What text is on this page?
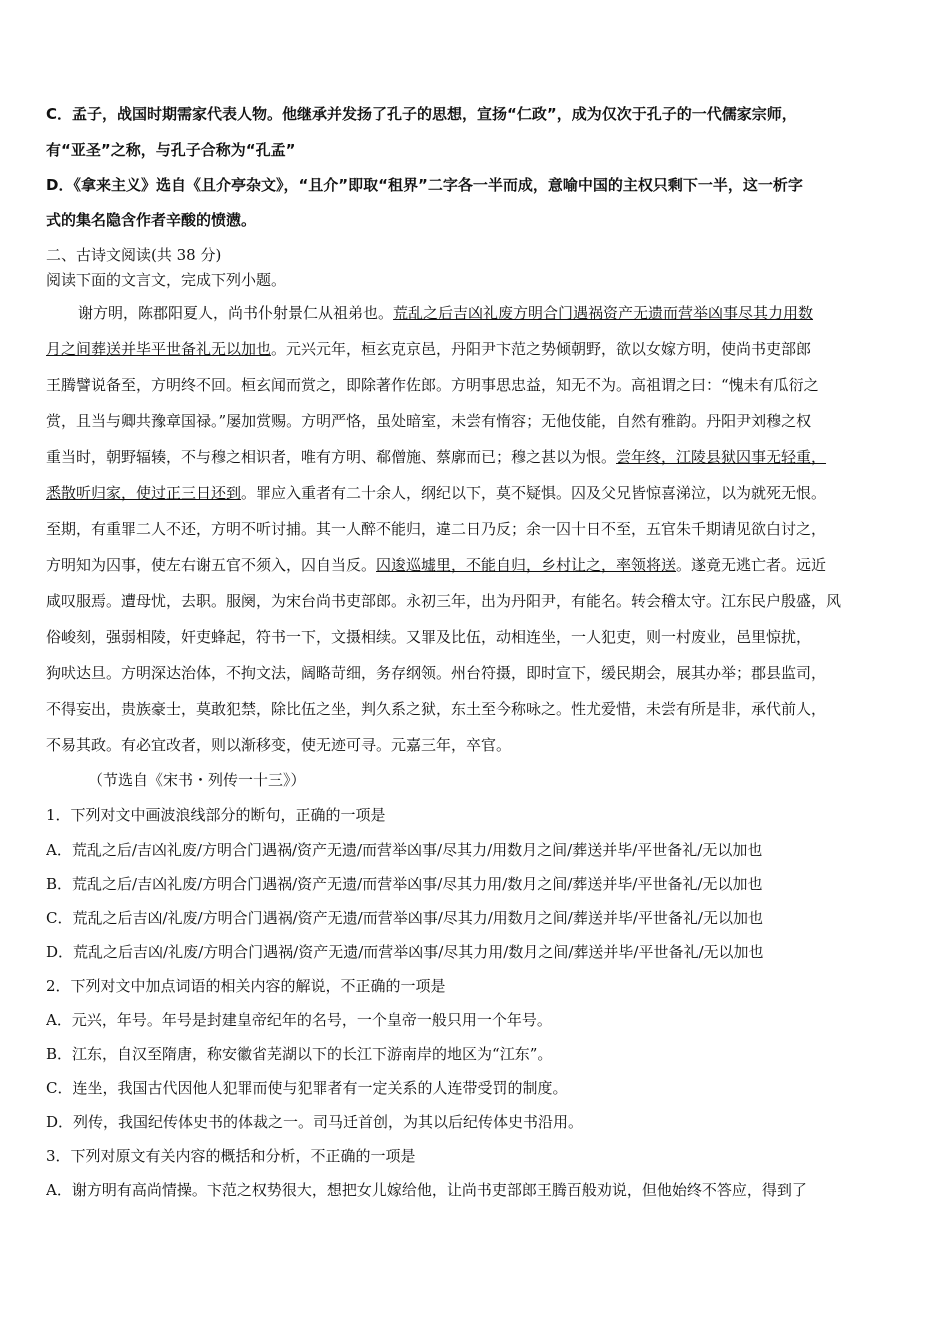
C．孟子，战国时期需家代表人物。他继承并发扬了孔子的思想，宣扬“仁政”，成为仅次于孔子的一代儒家宗师，
有“亚圣”之称，与孔子合称为“孔孟”
D．《拿来主义》选自《且介亭杂文》，“且介”即取“租界”二字各一半而成，意喻中国的主权只剩下一半，这一析字
式的集名隐含作者辛酸的愤懑。
二、古诗文阅读(共 38 分)
阅读下面的文言文，完成下列小题。
谢方明，陈郡阳夏人，尚书仆射景仁从祖弟也。荒乱之后吉凶礼废方明合门遇祸资产无遗而营举凶事尽其力用数
月之间葬送并毕平世备礼无以加也。元兴元年，桓玄克京邑，丹阳尹卞范之势倾朝野，欲以女嫁方明，使尚书吏部郎
王腾譬说备至，方明终不回。桓玄闻而赏之，即除著作佐郎。方明事思忠益，知无不为。高祖谓之曰：“愧未有瓜衍之
赏，且当与卿共豫章国禄。”屡加赏赐。方明严恪，虽处暗室，未尝有惰容；无他伎能，自然有雅韵。丹阳尹刘穆之权
重当时，朝野辐辏，不与穆之相识者，唯有方明、郗僧施、蔡廓而已；穆之甚以为恨。尝年终，江陵县狱囚事无轻重，
悉散听归家，使过正三日还到。罪应入重者有二十余人，纲纪以下，莫不疑惧。囚及父兄皆惊喜涕泣，以为就死无恨。
至期，有重罪二人不还，方明不听讨捕。其一人醉不能归，違二日乃反；余一囚十日不至，五官朱千期请见欲白讨之，
方明知为囚事，使左右谢五官不须入，囚自当反。囚逡巡墟里，不能自归，乡村让之，率领将送。遂竟无逃亡者。远近
咸叹服焉。遭母忧，去职。服阕，为宋台尚书吏部郎。永初三年，出为丹阳尹，有能名。转会稽太守。江东民户殷盛，风
俗峻刻，强弱相陵，奸吏蜂起，符书一下，文摄相续。又罪及比伍，动相连坐，一人犯吏，则一村废业，邑里惊扰，
狗吠达旦。方明深达治体，不拘文法，阔略苛细，务存纲领。州台符摄，即时宣下，缓民期会，展其办举；郡县监司，
不得妄出，贵族豪士，莫敢犯禁，除比伍之坐，判久系之狱，东土至今称咏之。性尤爱惜，未尝有所是非，承代前人，
不易其政。有必宜改者，则以渐移变，使无迹可寻。元嘉三年，卒官。
（节选自《宋书・列传一十三》）
1．下列对文中画波浪线部分的断句，正确的一项是
A．荒乱之后/吉凶礼废/方明合门遇祸/资产无遗/而营举凶事/尽其力/用数月之间/葬送并毕/平世备礼/无以加也
B．荒乱之后/吉凶礼废/方明合门遇祸/资产无遗/而营举凶事/尽其力用/数月之间/葬送并毕/平世备礼/无以加也
C．荒乱之后吉凶/礼废/方明合门遇祸/资产无遗/而营举凶事/尽其力/用数月之间/葬送并毕/平世备礼/无以加也
D．荒乱之后吉凶/礼废/方明合门遇祸/资产无遗/而营举凶事/尽其力用/数月之间/葬送并毕/平世备礼/无以加也
2．下列对文中加点词语的相关内容的解说，不正确的一项是
A．元兴，年号。年号是封建皇帝纪年的名号，一个皇帝一般只用一个年号。
B．江东，自汉至隋唐，称安徽省芜湖以下的长江下游南岸的地区为“江东”。
C．连坐，我国古代因他人犯罪而使与犯罪者有一定关系的人连带受罚的制度。
D．列传，我国纪传体史书的体裁之一。司马迁首创，为其以后纪传体史书沿用。
3．下列对原文有关内容的概括和分析，不正确的一项是
A．谢方明有高尚情操。卞范之权势很大，想把女儿嫁给他，让尚书吏部郎王腾百般劝说，但他始终不答应，得到了
